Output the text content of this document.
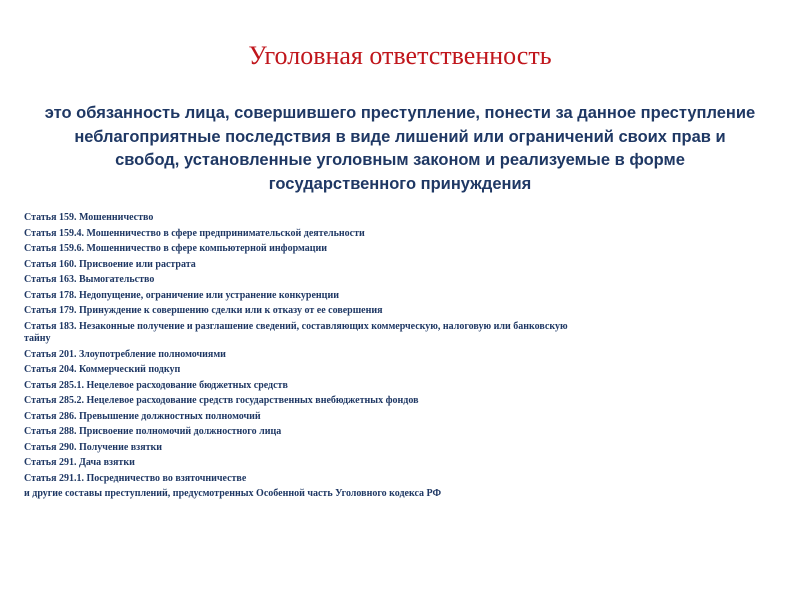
Уголовная ответственность
это обязанность лица, совершившего преступление, понести за данное преступление неблагоприятные последствия в виде лишений или ограничений своих прав и свобод, установленные уголовным законом и реализуемые в форме государственного принуждения
Статья 159. Мошенничество
Статья 159.4. Мошенничество в сфере предпринимательской деятельности
Статья 159.6. Мошенничество в сфере компьютерной информации
Статья 160. Присвоение или растрата
Статья 163. Вымогательство
Статья 178. Недопущение, ограничение или устранение конкуренции
Статья 179. Принуждение к совершению сделки или к отказу от ее совершения
Статья 183. Незаконные получение и разглашение сведений, составляющих коммерческую, налоговую или банковскую
тайну
Статья 201. Злоупотребление полномочиями
Статья 204. Коммерческий подкуп
Статья 285.1. Нецелевое расходование бюджетных средств
Статья 285.2. Нецелевое расходование средств государственных внебюджетных фондов
Статья 286. Превышение должностных полномочий
Статья 288. Присвоение полномочий должностного лица
Статья 290. Получение взятки
Статья 291. Дача взятки
Статья 291.1. Посредничество во взяточничестве
и другие составы преступлений, предусмотренных Особенной часть Уголовного кодекса РФ
